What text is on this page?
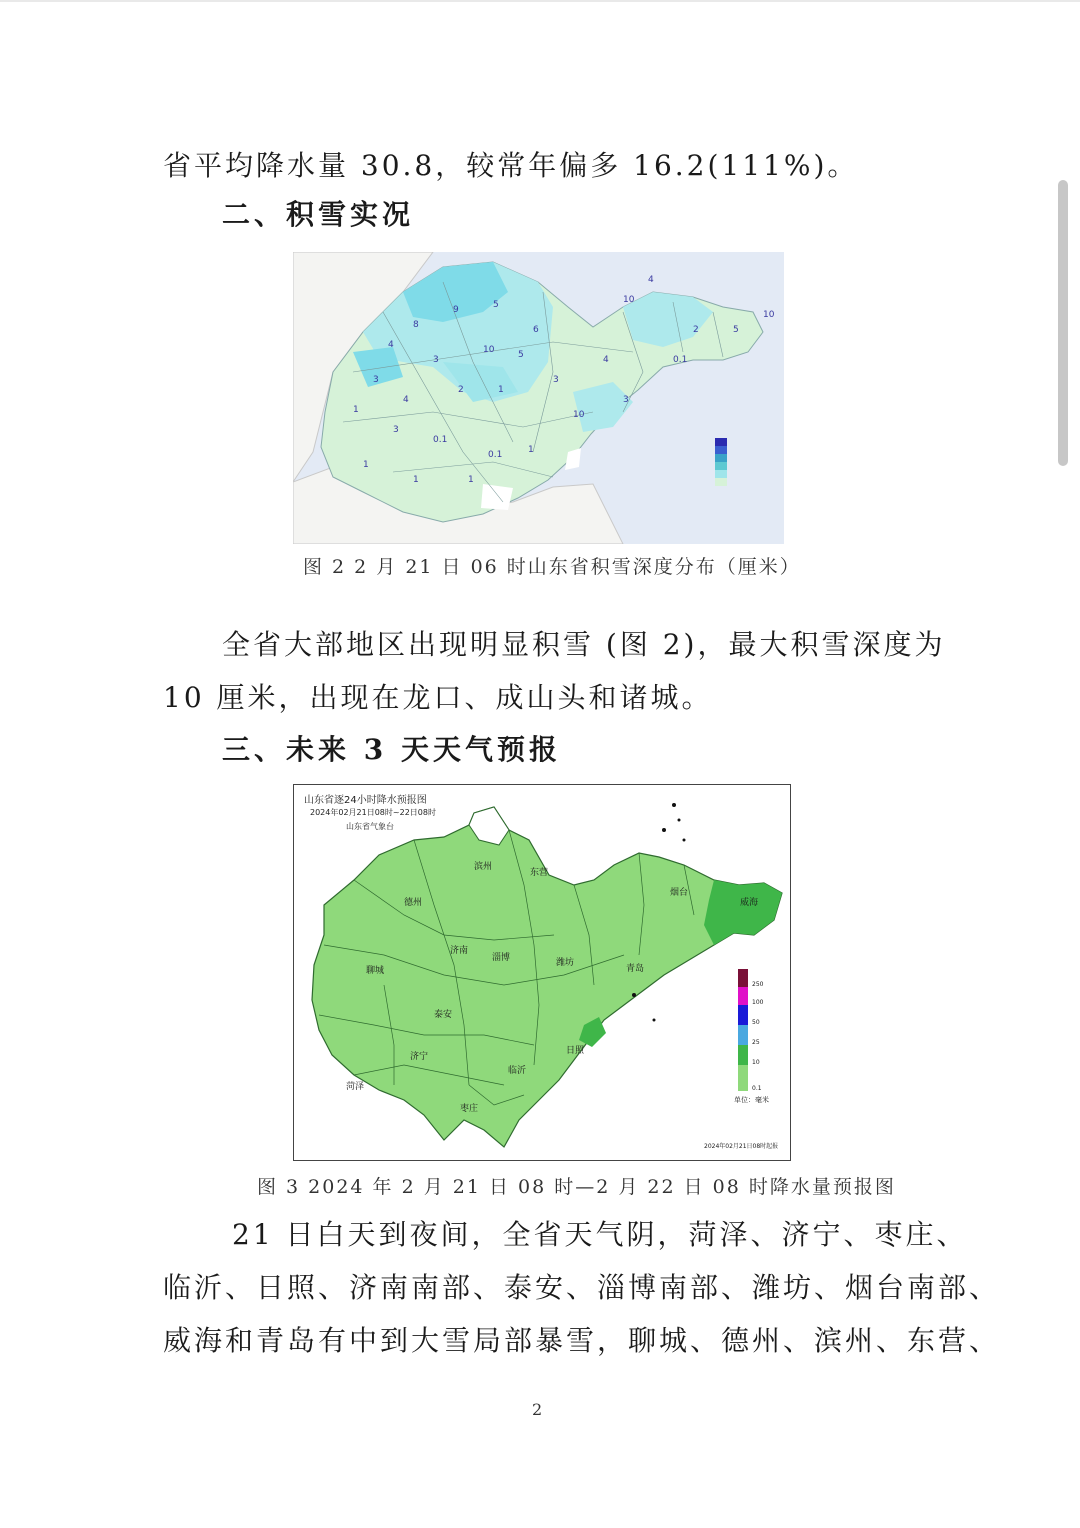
省平均降水量 30.8，较常年偏多 16.2(111%)。
二、积雪实况
5
6
9
8
4	10	5
3
3
4
2	1
1
3
0.1
0.1	1
1
1
1
10
10
10
4
0.1
2	5
4
3
3
图 2 2 月 21 日 06 时山东省积雪深度分布（厘米）
全省大部地区出现明显积雪 (图 2)，最大积雪深度为
10 厘米，出现在龙口、成山头和诸城。
三、未来 3 天天气预报
山东省逐24小时降水预报图
2024年02月21日08时~22日08时
山东省气象台
滨州
东营
德州
烟台
威海
济南
淄博	潍坊
聊城	青岛
泰安
日照
济宁
菏泽
临沂
枣庄
250
100
50
25
10
0.1
单位：毫米
2024年02月21日08时起报
图 3 2024 年 2 月 21 日 08 时—2 月 22 日 08 时降水量预报图
21 日白天到夜间，全省天气阴，菏泽、济宁、枣庄、
临沂、日照、济南南部、泰安、淄博南部、潍坊、烟台南部、
威海和青岛有中到大雪局部暴雪，聊城、德州、滨州、东营、
2
